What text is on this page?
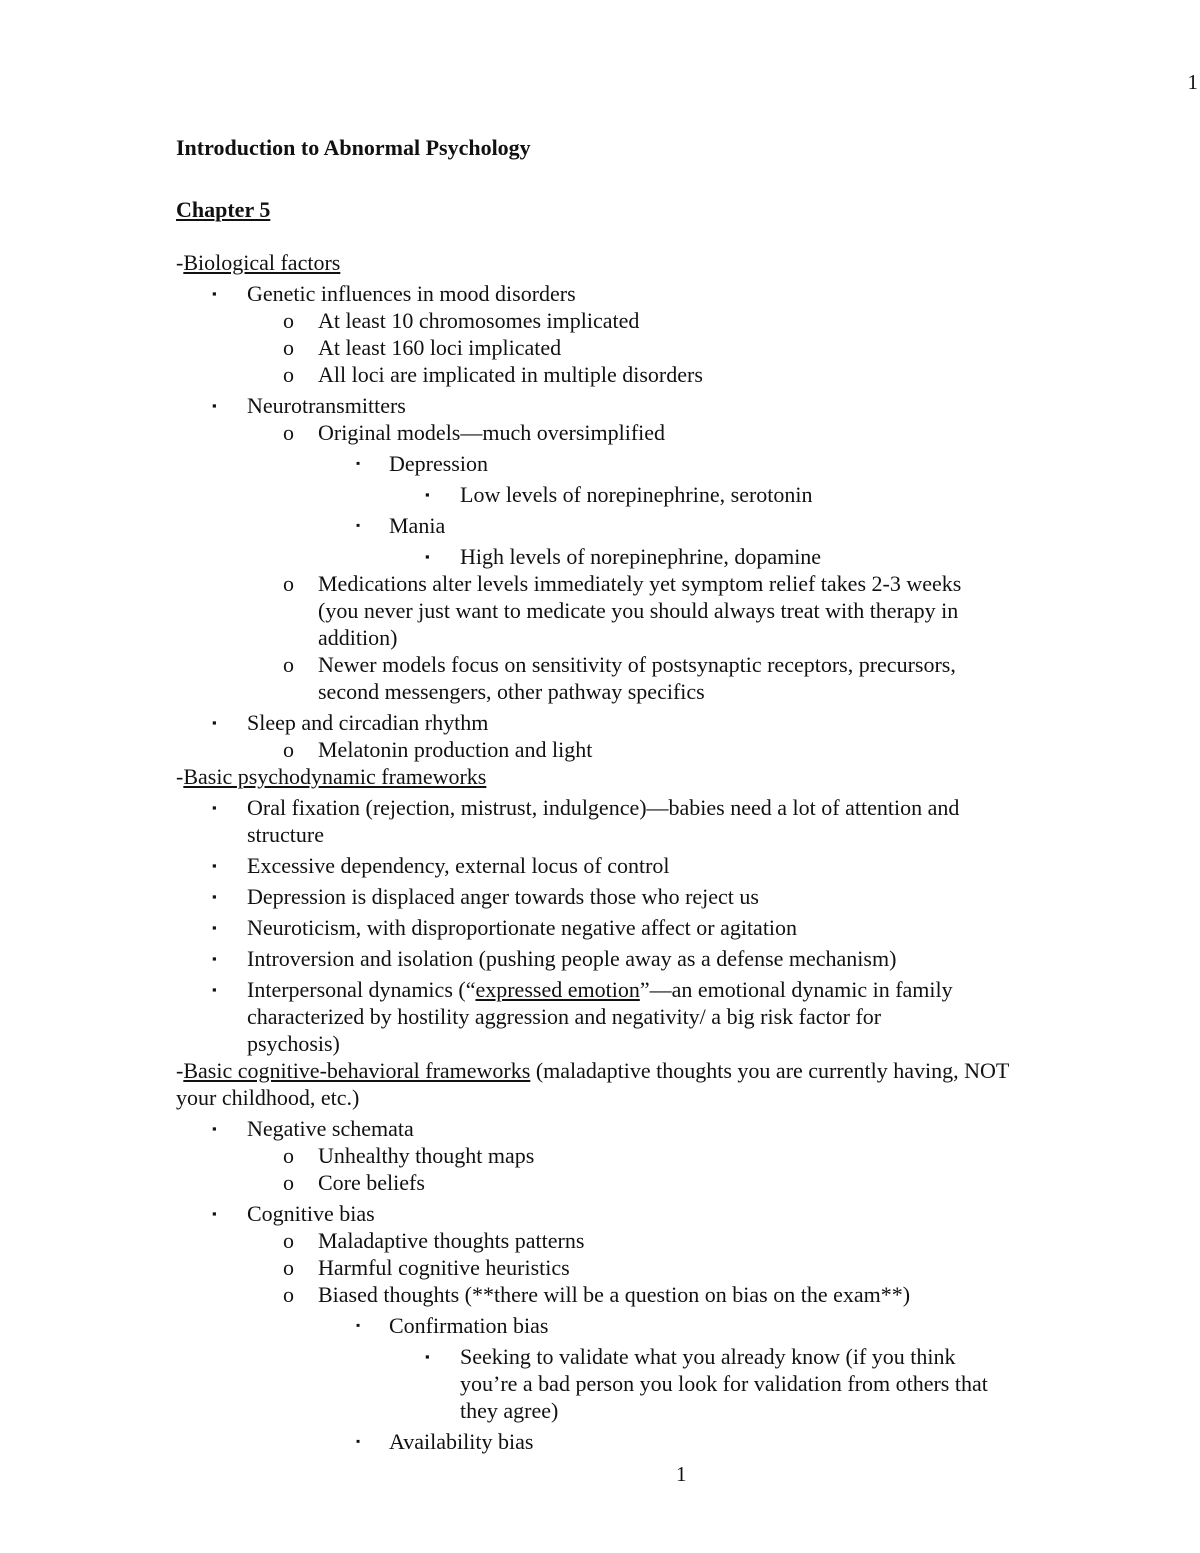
1

Introduction to Abnormal Psychology

Chapter 5

-Biological factors

▪ Genetic influences in mood disorders
o At least 10 chromosomes implicated
o At least 160 loci implicated
o All loci are implicated in multiple disorders
▪ Neurotransmitters
o Original models—much oversimplified
▪ Depression
▪ Low levels of norepinephrine, serotonin
▪ Mania
▪ High levels of norepinephrine, dopamine
o Medications alter levels immediately yet symptom relief takes 2-3 weeks (you never just want to medicate you should always treat with therapy in addition)
o Newer models focus on sensitivity of postsynaptic receptors, precursors, second messengers, other pathway specifics
▪ Sleep and circadian rhythm
o Melatonin production and light

-Basic psychodynamic frameworks

▪ Oral fixation (rejection, mistrust, indulgence)—babies need a lot of attention and structure
▪ Excessive dependency, external locus of control
▪ Depression is displaced anger towards those who reject us
▪ Neuroticism, with disproportionate negative affect or agitation
▪ Introversion and isolation (pushing people away as a defense mechanism)
▪ Interpersonal dynamics (“expressed emotion”—an emotional dynamic in family characterized by hostility aggression and negativity/ a big risk factor for psychosis)

-Basic cognitive-behavioral frameworks (maladaptive thoughts you are currently having, NOT your childhood, etc.)

▪ Negative schemata
o Unhealthy thought maps
o Core beliefs
▪ Cognitive bias
o Maladaptive thoughts patterns
o Harmful cognitive heuristics
o Biased thoughts (**there will be a question on bias on the exam**)
▪ Confirmation bias
▪ Seeking to validate what you already know (if you think you’re a bad person you look for validation from others that they agree)
▪ Availability bias
1
